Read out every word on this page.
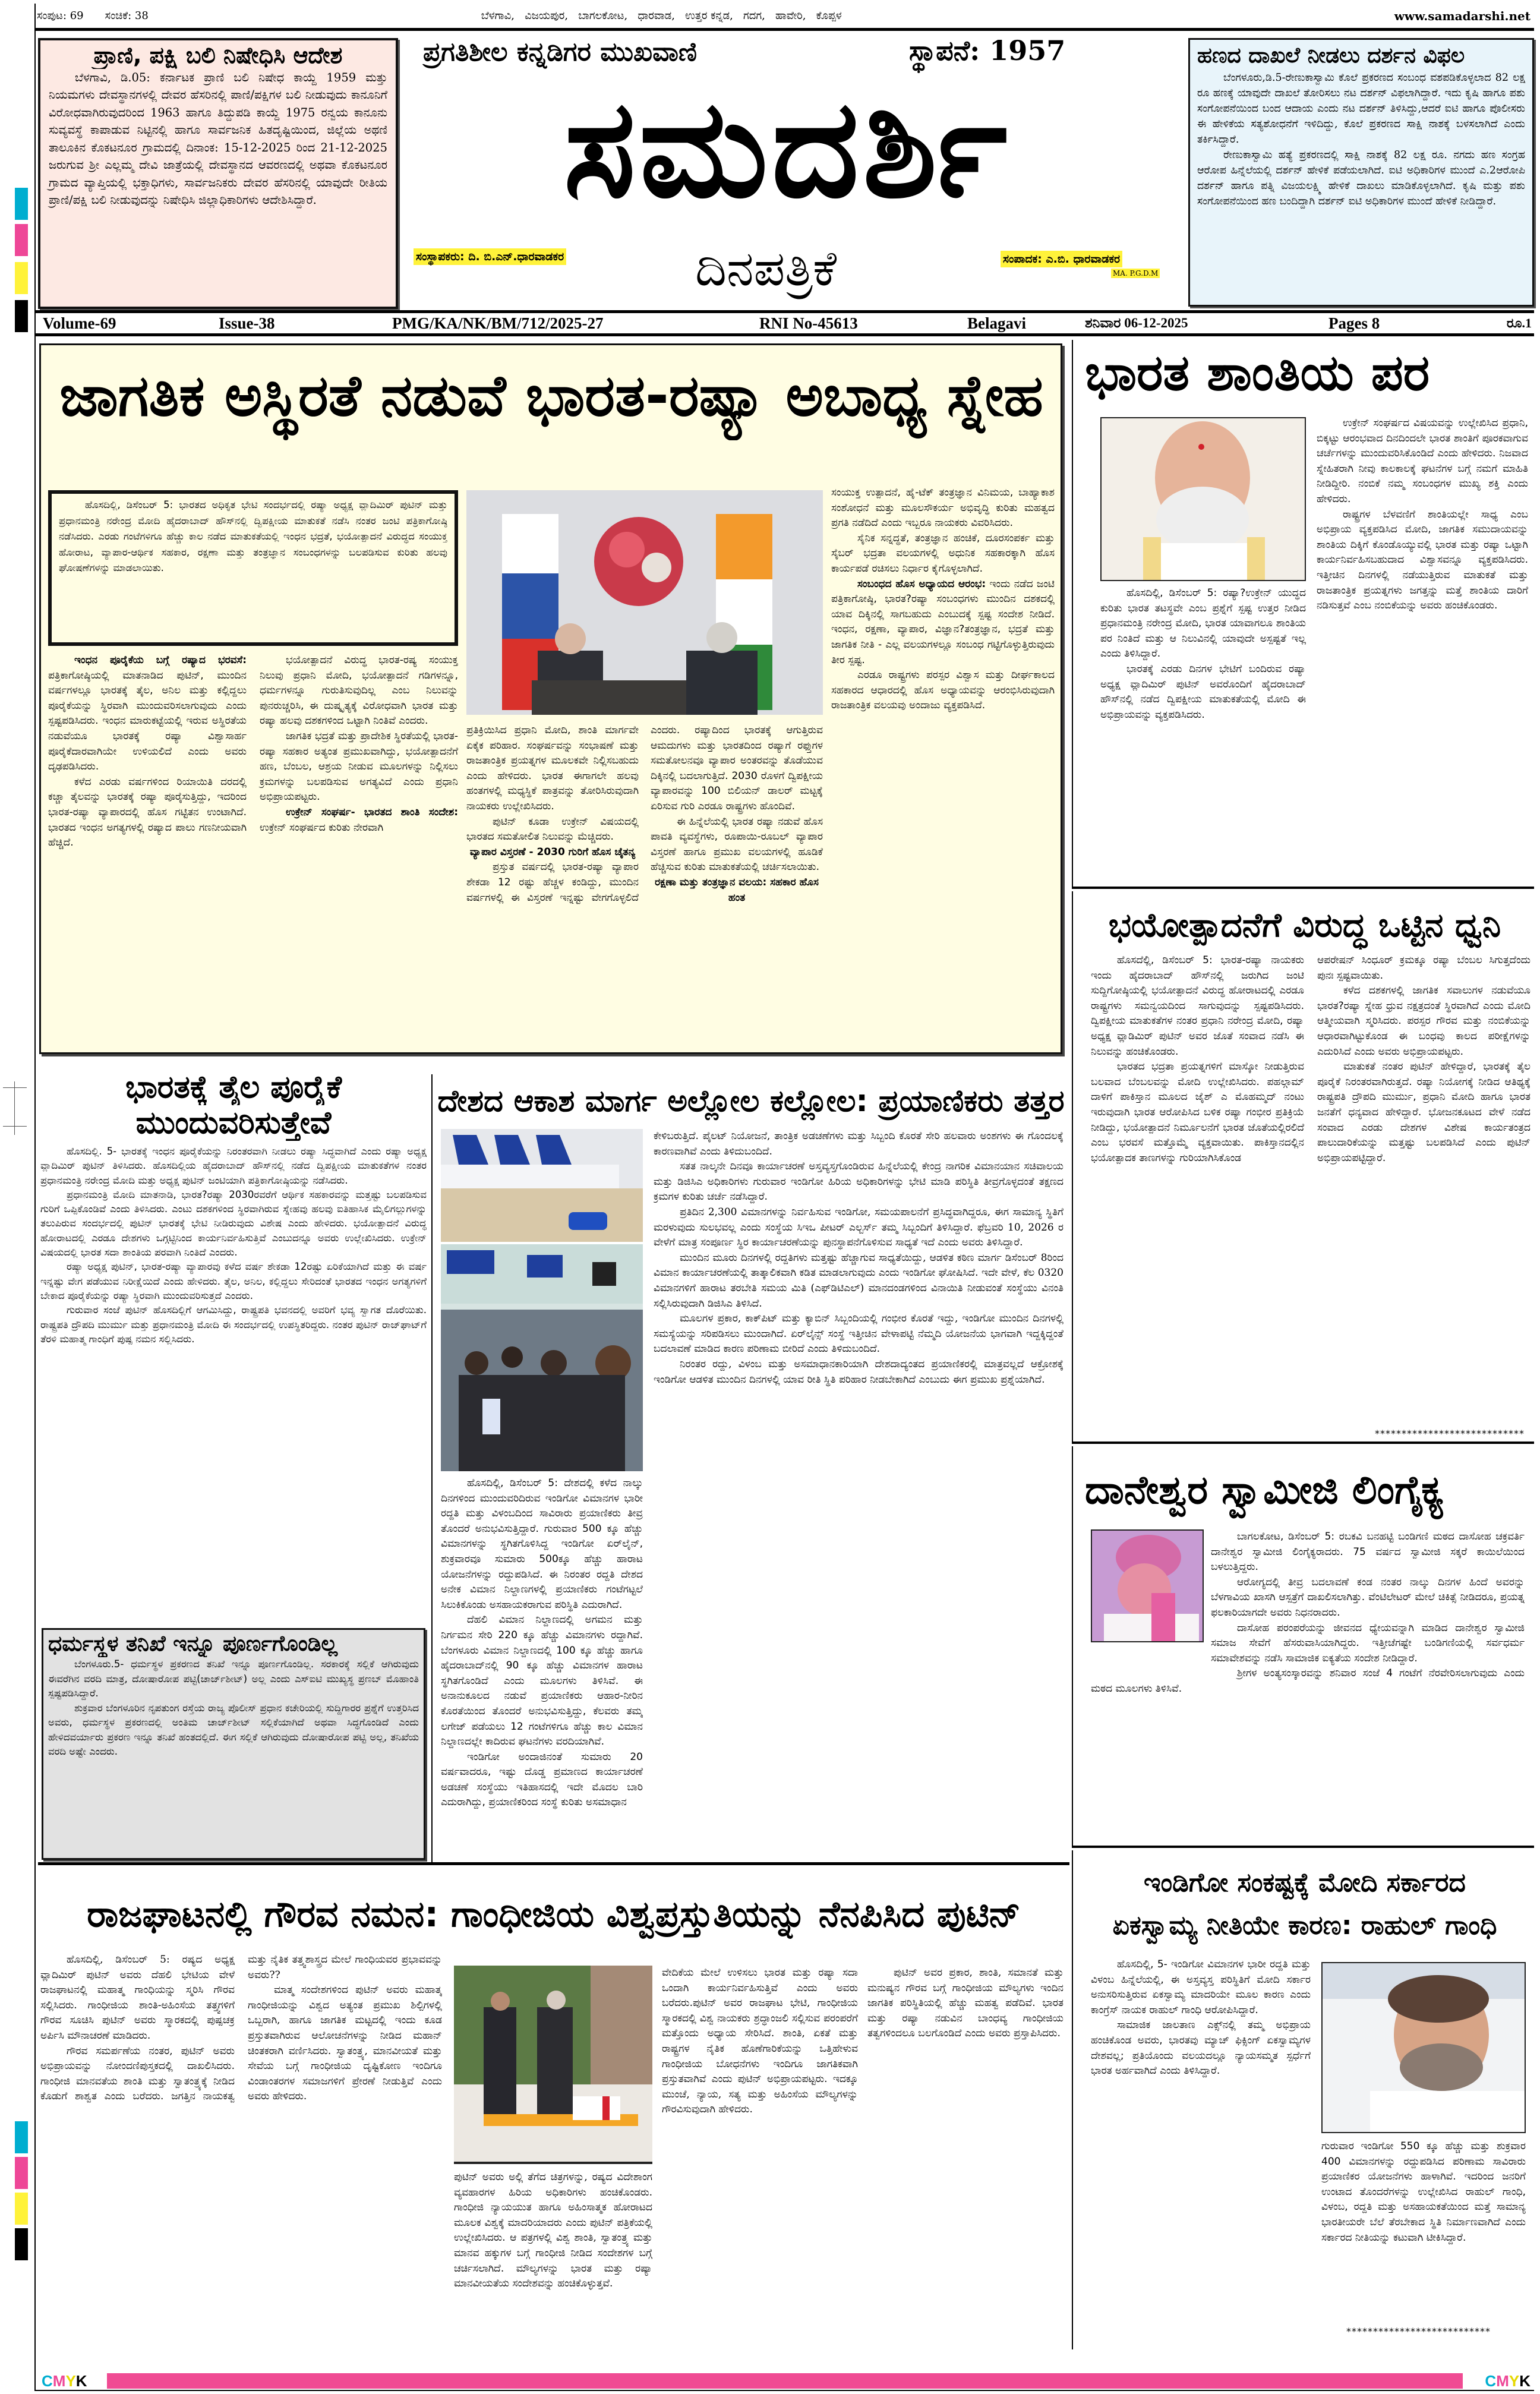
ಸಂಪುಟ: 69 ಸಂಚಿಕೆ: 38	ಬೆಳಗಾವಿ,   ವಿಜಯಪುರ,   ಬಾಗಲಕೋಟ,   ಧಾರವಾಡ,   ಉತ್ತರ ಕನ್ನಡ,   ಗದಗ,   ಹಾವೇರಿ,   ಕೊಪ್ಪಳ	www.samadarshi.net
ಪ್ರಾಣಿ, ಪಕ್ಷಿ ಬಲಿ ನಿಷೇಧಿಸಿ ಆದೇಶ

ಬೆಳಗಾವಿ, ಡಿ.05: ಕರ್ನಾಟಕ ಪ್ರಾಣಿ ಬಲಿ ನಿಷೇಧ ಕಾಯ್ದೆ 1959 ಮತ್ತು ನಿಯಮಗಳು ದೇವಸ್ಥಾನಗಳಲ್ಲಿ ದೇವರ ಹೆಸರಿನಲ್ಲಿ ಪಾಣಿ/ಪಕ್ಷಿಗಳ ಬಲಿ ನೀಡುವುದು ಕಾನೂನಿಗೆ ವಿರೋಧವಾಗಿರುವುದರಿಂದ 1963 ಹಾಗೂ ತಿದ್ದುಪಡಿ ಕಾಯ್ದೆ 1975 ರನ್ವಯ ಕಾನೂನು ಸುವ್ಯವಸ್ಥೆ ಕಾಪಾಡುವ ನಿಟ್ಟಿನಲ್ಲಿ ಹಾಗೂ ಸಾರ್ವಜನಿಕ ಹಿತದೃಷ್ಟಿಯಿಂದ, ಜಿಲ್ಲೆಯ ಅಥಣಿ ತಾಲೂಕಿನ ಕೊಕಟನೂರ ಗ್ರಾಮದಲ್ಲಿ ದಿನಾಂಕ: 15-12-2025 ರಿಂದ 21-12-2025 ಜರುಗುವ ಶ್ರೀ ಎಲ್ಲಮ್ಮ ದೇವಿ ಜಾತ್ರೆಯಲ್ಲಿ ದೇವಸ್ಥಾನದ ಆವರಣದಲ್ಲಿ ಅಥವಾ ಕೊಕಟನೂರ ಗ್ರಾಮದ ವ್ಯಾಪ್ತಿಯಲ್ಲಿ ಭಕ್ತಾಧಿಗಳು, ಸಾರ್ವಜನಿಕರು ದೇವರ ಹೆಸರಿನಲ್ಲಿ ಯಾವುದೇ ರೀತಿಯ ಪ್ರಾಣಿ/ಪಕ್ಷಿ ಬಲಿ ನೀಡುವುದನ್ನು ನಿಷೇಧಿಸಿ ಜಿಲ್ಲಾಧಿಕಾರಿಗಳು ಆದೇಶಿಸಿದ್ದಾರೆ.

ಪ್ರಗತಿಶೀಲ ಕನ್ನಡಿಗರ ಮುಖವಾಣಿ	ಸ್ಥಾಪನೆ: 1957
ಸಮದರ್ಶಿ
ಸಂಸ್ಥಾಪಕರು: ದಿ. ಬಿ.ಎನ್.ಧಾರವಾಡಕರ	ದಿನಪತ್ರಿಕೆ	ಸಂಪಾದಕ: ಎ.ಬಿ. ಧಾರವಾಡಕರ
MA. P.G.D.M
ಹಣದ ದಾಖಲೆ ನೀಡಲು ದರ್ಶನ ವಿಫಲ

ಬೆಂಗಳೂರು,ಡಿ.5-ರೇಣುಕಾಸ್ವಾಮಿ ಕೊಲೆ ಪ್ರಕರಣದ ಸಂಬಂಧ ವಶಪಡಿಕೊಳ್ಳಲಾದ 82 ಲಕ್ಷ ರೂ ಹಣಕ್ಕೆ ಯಾವುದೇ ದಾಖಲೆ ತೋರಿಸಲು ನಟ ದರ್ಶನ್ ವಿಫಲಾಗಿದ್ದಾರೆ. ಇದು ಕೃಷಿ ಹಾಗೂ ಪಶು ಸಂಗೋಪನೆಯಿಂದ ಬಂದ ಆದಾಯ ಎಂದು ನಟ ದರ್ಶನ್ ತಿಳಿಸಿದ್ದು,ಆದರೆ ಐಟಿ ಹಾಗೂ ಪೊಲೀಸರು ಈ ಹೇಳಿಕೆಯ ಸತ್ಯಶೋಧನೆಗೆ ಇಳಿದಿದ್ದು, ಕೊಲೆ ಪ್ರಕರಣದ ಸಾಕ್ಷಿ ನಾಶಕ್ಕೆ ಬಳಸಲಾಗಿದೆ ಎಂದು ತರ್ಕಿಸಿದ್ದಾರೆ.

ರೇಣುಕಾಸ್ವಾಮಿ ಹತ್ಯೆ ಪ್ರಕರಣದಲ್ಲಿ ಸಾಕ್ಷಿ ನಾಶಕ್ಕೆ 82 ಲಕ್ಷ ರೂ. ನಗದು ಹಣ ಸಂಗ್ರಹ ಆರೋಪ ಹಿನ್ನೆಲೆಯಲ್ಲಿ ದರ್ಶನ್ ಹೇಳಿಕೆ ಪಡೆಯಲಾಗಿದೆ. ಐಟಿ ಅಧಿಕಾರಿಗಳ ಮುಂದೆ ಎ.2ಆರೋಪಿ ದರ್ಶನ್ ಹಾಗೂ ಪತ್ನಿ ವಿಜಯಲಕ್ಷ್ಮಿ ಹೇಳಿಕೆ ದಾಖಲು ಮಾಡಿಕೊಳ್ಳಲಾಗಿದೆ. ಕೃಷಿ ಮತ್ತು ಪಶು ಸಂಗೋಪನೆಯಿಂದ ಹಣ ಬಂದಿದ್ದಾಗಿ ದರ್ಶನ್ ಐಟಿ ಅಧಿಕಾರಿಗಳ ಮುಂದೆ ಹೇಳಿಕೆ ನೀಡಿದ್ದಾರೆ.

Volume-69	Issue-38	PMG/KA/NK/BM/712/2025-27	RNI No-45613	Belagavi	ಶನಿವಾರ 06-12-2025	Pages 8	ರೂ.1
ಜಾಗತಿಕ ಅಸ್ಥಿರತೆ ನಡುವೆ ಭಾರತ-ರಷ್ಯಾ ಅಬಾಧ್ಯ ಸ್ನೇಹ

ಹೊಸದಿಲ್ಲಿ, ಡಿಸೆಂಬರ್ 5: ಭಾರತದ ಅಧಿಕೃತ ಭೇಟಿ ಸಂದರ್ಭದಲ್ಲಿ ರಷ್ಯಾ ಅಧ್ಯಕ್ಷ ವ್ಲಾದಿಮಿರ್ ಪುಟಿನ್ ಮತ್ತು ಪ್ರಧಾನಮಂತ್ರಿ ನರೇಂದ್ರ ಮೋದಿ ಹೈದರಾಬಾದ್ ಹೌಸ್‌ನಲ್ಲಿ ದ್ವಿಪಕ್ಷೀಯ ಮಾತುಕತೆ ನಡೆಸಿ ನಂತರ ಜಂಟಿ ಪತ್ರಿಕಾಗೋಷ್ಠಿ ನಡೆಸಿದರು. ಎರಡು ಗಂಟೆಗಳಿಗೂ ಹೆಚ್ಚು ಕಾಲ ನಡೆದ ಮಾತುಕತೆಯಲ್ಲಿ ಇಂಧನ ಭದ್ರತೆ, ಭಯೋತ್ಪಾದನೆ ವಿರುದ್ಧದ ಸಂಯುಕ್ತ ಹೋರಾಟ, ವ್ಯಾಪಾರ-ಆರ್ಥಿಕ ಸಹಕಾರ, ರಕ್ಷಣಾ ಮತ್ತು ತಂತ್ರಜ್ಞಾನ ಸಂಬಂಧಗಳನ್ನು ಬಲಪಡಿಸುವ ಕುರಿತು ಹಲವು ಘೋಷಣೆಗಳನ್ನು ಮಾಡಲಾಯಿತು.

ಇಂಧನ ಪೂರೈಕೆಯ ಬಗ್ಗೆ ರಷ್ಯಾದ ಭರವಸೆ: ಪತ್ರಿಕಾಗೋಷ್ಠಿಯಲ್ಲಿ ಮಾತನಾಡಿದ ಪುಟಿನ್, ಮುಂದಿನ ವರ್ಷಗಳಲ್ಲೂ ಭಾರತಕ್ಕೆ ತೈಲ, ಅನಿಲ ಮತ್ತು ಕಲ್ಲಿದ್ದಲು ಪೂರೈಕೆಯನ್ನು ಸ್ಥಿರವಾಗಿ ಮುಂದುವರಿಸಲಾಗುವುದು ಎಂದು ಸ್ಪಷ್ಟಪಡಿಸಿದರು. ಇಂಧನ ಮಾರುಕಟ್ಟೆಯಲ್ಲಿ ಇರುವ ಅಸ್ಥಿರತೆಯ ನಡುವೆಯೂ ಭಾರತಕ್ಕೆ ರಷ್ಯಾ ವಿಶ್ವಾಸಾರ್ಹ ಪೂರೈಕೆದಾರವಾಗಿಯೇ ಉಳಿಯಲಿದೆ ಎಂದು ಅವರು ದೃಢಪಡಿಸಿದರು.

ಕಳೆದ ಎರಡು ವರ್ಷಗಳಿಂದ ರಿಯಾಯಿತಿ ದರದಲ್ಲಿ ಕಚ್ಚಾ ತೈಲವನ್ನು ಭಾರತಕ್ಕೆ ರಷ್ಯಾ ಪೂರೈಸುತ್ತಿದ್ದು, ಇದರಿಂದ ಭಾರತ-ರಷ್ಯಾ ವ್ಯಾಪಾರದಲ್ಲಿ ಹೊಸ ಗಟ್ಟಿತನ ಉಂಟಾಗಿದೆ. ಭಾರತದ ಇಂಧನ ಅಗತ್ಯಗಳಲ್ಲಿ ರಷ್ಯಾದ ಪಾಲು ಗಣನೀಯವಾಗಿ ಹೆಚ್ಚಿದೆ.

ಭಯೋತ್ಪಾದನೆ ವಿರುದ್ಧ ಭಾರತ-ರಷ್ಯ ಸಂಯುಕ್ತ ನಿಲುವು ಪ್ರಧಾನಿ ಮೋದಿ, ಭಯೋತ್ಪಾದನೆ ಗಡಿಗಳನ್ನೂ, ಧರ್ಮಗಳನ್ನೂ ಗುರುತಿಸುವುದಿಲ್ಲ ಎಂಬ ನಿಲುವನ್ನು ಪುನರುಚ್ಚರಿಸಿ, ಈ ದುಷ್ಕೃತ್ಯಕ್ಕೆ ವಿರೋಧವಾಗಿ ಭಾರತ ಮತ್ತು ರಷ್ಯಾ ಹಲವು ದಶಕಗಳಿಂದ ಒಟ್ಟಾಗಿ ನಿಂತಿವೆ ಎಂದರು.

ಜಾಗತಿಕ ಭದ್ರತೆ ಮತ್ತು ಪ್ರಾದೇಶಿಕ ಸ್ಥಿರತೆಯಲ್ಲಿ ಭಾರತ-ರಷ್ಯಾ ಸಹಕಾರ ಅತ್ಯಂತ ಪ್ರಮುಖವಾಗಿದ್ದು, ಭಯೋತ್ಪಾದನೆಗೆ ಹಣ, ಬೆಂಬಲ, ಆಶ್ರಯ ನೀಡುವ ಮೂಲಗಳನ್ನು ನಿಲ್ಲಿಸಲು ಕ್ರಮಗಳನ್ನು ಬಲಪಡಿಸುವ ಅಗತ್ಯವಿದೆ ಎಂದು ಪ್ರಧಾನಿ ಅಭಿಪ್ರಾಯಪಟ್ಟರು.

ಉಕ್ರೇನ್ ಸಂಘರ್ಷ- ಭಾರತದ ಶಾಂತಿ ಸಂದೇಶ: ಉಕ್ರೇನ್ ಸಂಘರ್ಷದ ಕುರಿತು ನೇರವಾಗಿ

ಪ್ರತಿಕ್ರಿಯಿಸಿದ ಪ್ರಧಾನಿ ಮೋದಿ, ಶಾಂತಿ ಮಾರ್ಗವೇ ಏಕೈಕ ಪರಿಹಾರ. ಸಂಘರ್ಷವನ್ನು ಸಂಭಾಷಣೆ ಮತ್ತು ರಾಜತಾಂತ್ರಿಕ ಪ್ರಯತ್ನಗಳ ಮೂಲಕವೇ ನಿಲ್ಲಿಸಬಹುದು ಎಂದು ಹೇಳಿದರು. ಭಾರತ ಈಗಾಗಲೇ ಹಲವು ಹಂತಗಳಲ್ಲಿ ಮಧ್ಯಸ್ಥಿಕೆ ಪಾತ್ರವನ್ನು ತೋರಿಸಿರುವುದಾಗಿ ನಾಯಕರು ಉಲ್ಲೇಖಿಸಿದರು.

ಪುಟಿನ್ ಕೂಡಾ ಉಕ್ರೇನ್ ವಿಷಯದಲ್ಲಿ ಭಾರತದ ಸಮತೋಲಿತ ನಿಲುವನ್ನು ಮೆಚ್ಚಿದರು.

ವ್ಯಾಪಾರ ವಿಸ್ತರಣೆ - 2030 ಗುರಿಗೆ ಹೊಸ ಚೈತನ್ಯ

ಪ್ರಸ್ತುತ ವರ್ಷದಲ್ಲಿ ಭಾರತ-ರಷ್ಯಾ ವ್ಯಾಪಾರ ಶೇಕಡಾ 12 ರಷ್ಟು ಹೆಚ್ಚಳ ಕಂಡಿದ್ದು, ಮುಂದಿನ ವರ್ಷಗಳಲ್ಲಿ ಈ ವಿಸ್ತರಣೆ ಇನ್ನಷ್ಟು ವೇಗಗೊಳ್ಳಲಿದೆ ಎಂದರು. ರಷ್ಯಾದಿಂದ ಭಾರತಕ್ಕೆ ಆಗುತ್ತಿರುವ ಆಮದುಗಳು ಮತ್ತು ಭಾರತದಿಂದ ರಷ್ಯಾಗೆ ರಫ್ತುಗಳ ಸಮತೋಲನವೂ ವ್ಯಾಪಾರ ಅಂತರವನ್ನು ತೊಡೆಯುವ ದಿಕ್ಕಿನಲ್ಲಿ ಬದಲಾಗುತ್ತಿದೆ. 2030 ರೊಳಗೆ ದ್ವಿಪಕ್ಷೀಯ ವ್ಯಾಪಾರವನ್ನು 100 ಬಿಲಿಯನ್ ಡಾಲರ್ ಮಟ್ಟಕ್ಕೆ ಏರಿಸುವ ಗುರಿ ಎರಡೂ ರಾಷ್ಟ್ರಗಳು ಹೊಂದಿವೆ.

ಈ ಹಿನ್ನೆಲೆಯಲ್ಲಿ ಭಾರತ ರಷ್ಯಾ ನಡುವೆ ಹೊಸ ಪಾವತಿ ವ್ಯವಸ್ಥೆಗಳು, ರೂಪಾಯಿ-ರೂಬಲ್ ವ್ಯಾಪಾರ ವಿಸ್ತರಣೆ ಹಾಗೂ ಪ್ರಮುಖ ವಲಯಗಳಲ್ಲಿ ಹೂಡಿಕೆ ಹೆಚ್ಚಿಸುವ ಕುರಿತು ಮಾತುಕತೆಯಲ್ಲಿ ಚರ್ಚಿಸಲಾಯಿತು.

ರಕ್ಷಣಾ ಮತ್ತು ತಂತ್ರಜ್ಞಾನ ವಲಯ: ಸಹಕಾರ ಹೊಸ ಹಂತ

ಸಂಯುಕ್ತ ಉತ್ಪಾದನೆ, ಹೈ-ಟೆಕ್ ತಂತ್ರಜ್ಞಾನ ವಿನಿಮಯ, ಬಾಹ್ಯಾಕಾಶ ಸಂಶೋಧನೆ ಮತ್ತು ಮೂಲಸೌಕರ್ಯ ಅಭಿವೃದ್ಧಿ ಕುರಿತು ಮಹತ್ವದ ಪ್ರಗತಿ ನಡೆದಿದೆ ಎಂದು ಇಬ್ಬರೂ ನಾಯಕರು ವಿವರಿಸಿದರು.

ಸೈನಿಕ ಸನ್ನದ್ಧತೆ, ತಂತ್ರಜ್ಞಾನ ಹಂಚಿಕೆ, ದೂರಸಂಪರ್ಕ ಮತ್ತು ಸೈಬರ್ ಭದ್ರತಾ ವಲಯಗಳಲ್ಲಿ ಅಧುನಿಕ ಸಹಕಾರಕ್ಕಾಗಿ ಹೊಸ ಕಾರ್ಯಪಡೆ ರಚಿಸಲು ನಿರ್ಧಾರ ಕೈಗೊಳ್ಳಲಾಗಿದೆ.

ಸಂಬಂಧದ ಹೊಸ ಅಧ್ಯಾಯದ ಆರಂಭ: ಇಂದು ನಡೆದ ಜಂಟಿ ಪತ್ರಿಕಾಗೋಷ್ಠಿ, ಭಾರತ?ರಷ್ಯಾ ಸಂಬಂಧಗಳು ಮುಂದಿನ ದಶಕದಲ್ಲಿ ಯಾವ ದಿಕ್ಕಿನಲ್ಲಿ ಸಾಗಬಹುದು ಎಂಬುದಕ್ಕೆ ಸ್ಪಷ್ಟ ಸಂದೇಶ ನೀಡಿದೆ. ಇಂಧನ, ರಕ್ಷಣಾ, ವ್ಯಾಪಾರ, ವಿಜ್ಞಾನ?ತಂತ್ರಜ್ಞಾನ, ಭದ್ರತೆ ಮತ್ತು ಜಾಗತಿಕ ನೀತಿ - ಎಲ್ಲ ವಲಯಗಳಲ್ಲೂ ಸಂಬಂಧ ಗಟ್ಟಿಗೊಳ್ಳುತ್ತಿರುವುದು ತೀರ ಸ್ಪಷ್ಟ.

ಎರಡೂ ರಾಷ್ಟ್ರಗಳು ಪರಸ್ಪರ ವಿಶ್ವಾಸ ಮತ್ತು ದೀರ್ಘಕಾಲದ ಸಹಕಾರದ ಆಧಾರದಲ್ಲಿ ಹೊಸ ಅಧ್ಯಾಯವನ್ನು ಆರಂಭಿಸಿರುವುದಾಗಿ ರಾಜತಾಂತ್ರಿಕ ವಲಯವು ಅಂದಾಜು ವ್ಯಕ್ತಪಡಿಸಿದೆ.

ಭಾರತ ಶಾಂತಿಯ ಪರ

ಹೊಸದಿಲ್ಲಿ, ಡಿಸೆಂಬರ್ 5: ರಷ್ಯಾ?ಉಕ್ರೇನ್ ಯುದ್ಧದ ಕುರಿತು ಭಾರತ ತಟಸ್ಥವೇ ಎಂಬ ಪ್ರಶ್ನೆಗೆ ಸ್ಪಷ್ಟ ಉತ್ತರ ನೀಡಿದ ಪ್ರಧಾನಮಂತ್ರಿ ನರೇಂದ್ರ ಮೋದಿ, ಭಾರತ ಯಾವಾಗಲೂ ಶಾಂತಿಯ ಪರ ನಿಂತಿದೆ ಮತ್ತು ಆ ನಿಲುವಿನಲ್ಲಿ ಯಾವುದೇ ಅಸ್ಪಷ್ಟತೆ ಇಲ್ಲ ಎಂದು ತಿಳಿಸಿದ್ದಾರೆ.

ಭಾರತಕ್ಕೆ ಎರಡು ದಿನಗಳ ಭೇಟಿಗೆ ಬಂದಿರುವ ರಷ್ಯಾ ಅಧ್ಯಕ್ಷ ವ್ಲಾದಿಮಿರ್ ಪುಟಿನ್ ಅವರೊಂದಿಗೆ ಹೈದರಾಬಾದ್ ಹೌಸ್‌ನಲ್ಲಿ ನಡೆದ ದ್ವಿಪಕ್ಷೀಯ ಮಾತುಕತೆಯಲ್ಲಿ ಮೋದಿ ಈ ಅಭಿಪ್ರಾಯವನ್ನು ವ್ಯಕ್ತಪಡಿಸಿದರು.

ಉಕ್ರೇನ್ ಸಂಘರ್ಷದ ವಿಷಯವನ್ನು ಉಲ್ಲೇಖಿಸಿದ ಪ್ರಧಾನಿ, ಬಿಕ್ಕಟ್ಟು ಆರಂಭವಾದ ದಿನದಿಂದಲೇ ಭಾರತ ಶಾಂತಿಗೆ ಪೂರಕವಾಗುವ ಚರ್ಚೆಗಳನ್ನು ಮುಂದುವರಿಸಿಕೊಂಡಿದೆ ಎಂದು ಹೇಳಿದರು. ನಿಜವಾದ ಸ್ನೇಹಿತರಾಗಿ ನೀವು ಕಾಲಕಾಲಕ್ಕೆ ಘಟನೆಗಳ ಬಗ್ಗೆ ನಮಗೆ ಮಾಹಿತಿ ನೀಡಿದ್ದೀರಿ. ನಂಬಿಕೆ ನಮ್ಮ ಸಂಬಂಧಗಳ ಮುಖ್ಯ ಶಕ್ತಿ ಎಂದು ಹೇಳಿದರು.

ರಾಷ್ಟ್ರಗಳ ಬೆಳವಣಿಗೆ ಶಾಂತಿಯಲ್ಲೇ ಸಾಧ್ಯ ಎಂಬ ಅಭಿಪ್ರಾಯ ವ್ಯಕ್ತಪಡಿಸಿದ ಮೋದಿ, ಜಾಗತಿಕ ಸಮುದಾಯವನ್ನು ಶಾಂತಿಯ ದಿಕ್ಕಿಗೆ ಕೊಂಡೊಯ್ಯುವಲ್ಲಿ ಭಾರತ ಮತ್ತು ರಷ್ಯಾ ಒಟ್ಟಾಗಿ ಕಾರ್ಯನಿರ್ವಹಿಸಬಹುದಾದ ವಿಶ್ವಾಸವನ್ನೂ ವ್ಯಕ್ತಪಡಿಸಿದರು. ಇತ್ತೀಚಿನ ದಿನಗಳಲ್ಲಿ ನಡೆಯುತ್ತಿರುವ ಮಾತುಕತೆ ಮತ್ತು ರಾಜತಾಂತ್ರಿಕ ಪ್ರಯತ್ನಗಳು ಜಗತ್ತನ್ನು ಮತ್ತೆ ಶಾಂತಿಯ ದಾರಿಗೆ ನಡಿಸುತ್ತವೆ ಎಂಬ ನಂಬಿಕೆಯನ್ನು ಅವರು ಹಂಚಿಕೊಂಡರು.

ಭಯೋತ್ಪಾದನೆಗೆ ವಿರುದ್ಧ ಒಟ್ಟಿನ ಧ್ವನಿ

ಹೊಸದೆಲ್ಲಿ, ಡಿಸೆಂಬರ್ 5: ಭಾರತ-ರಷ್ಯಾ ನಾಯಕರು ಇಂದು ಹೈದರಾಬಾದ್ ಹೌಸ್‌ನಲ್ಲಿ ಜರುಗಿದ ಜಂಟಿ ಸುದ್ದಿಗೋಷ್ಠಿಯಲ್ಲಿ ಭಯೋತ್ಪಾದನೆ ವಿರುದ್ಧ ಹೋರಾಟದಲ್ಲಿ ಎರಡೂ ರಾಷ್ಟ್ರಗಳು ಸಮನ್ವಯದಿಂದ ಸಾಗುವುದನ್ನು ಸ್ಪಷ್ಟಪಡಿಸಿದರು. ದ್ವಿಪಕ್ಷೀಯ ಮಾತುಕತೆಗಳ ನಂತರ ಪ್ರಧಾನಿ ನರೇಂದ್ರ ಮೋದಿ, ರಷ್ಯಾ ಅಧ್ಯಕ್ಷ ವ್ಲಾಡಿಮಿರ್ ಪುಟಿನ್ ಅವರ ಜೊತೆ ಸಂವಾದ ನಡೆಸಿ ಈ ನಿಲುವನ್ನು ಹಂಚಿಕೊಂಡರು.

ಭಾರತದ ಭದ್ರತಾ ಪ್ರಯತ್ನಗಳಿಗೆ ಮಾಸ್ಕೋ ನೀಡುತ್ತಿರುವ ಬಲವಾದ ಬೆಂಬಲವನ್ನು ಮೋದಿ ಉಲ್ಲೇಖಿಸಿದರು. ಪಹಲ್ಗಾಮ್ ದಾಳಿಗೆ ಪಾಕಿಸ್ತಾನ ಮೂಲದ ಜೈಶ್ ಎ ಮೊಹಮ್ಮದ್ ನಂಟು ಇರುವುದಾಗಿ ಭಾರತ ಆರೋಪಿಸಿದ ಬಳಿಕ ರಷ್ಯಾ ಗಂಭೀರ ಪ್ರತಿಕ್ರಿಯೆ ನೀಡಿದ್ದು, ಭಯೋತ್ಪಾದನೆ ನಿರ್ಮೂಲನೆಗೆ ಭಾರತ ಜೊತೆಯಲ್ಲಿರಲಿದೆ ಎಂಬ ಭರವಸೆ ಮತ್ತೊಮ್ಮೆ ವ್ಯಕ್ತವಾಯಿತು. ಪಾಕಿಸ್ತಾನದಲ್ಲಿನ ಭಯೋತ್ಪಾದಕ ತಾಣಗಳನ್ನು ಗುರಿಯಾಗಿಸಿಕೊಂಡ

ಆಪರೇಷನ್ ಸಿಂಧೂರ್ ಕ್ರಮಕ್ಕೂ ರಷ್ಯಾ ಬೆಂಬಲ ಸಿಗುತ್ತದೆಂದು ಪುನಃ ಸ್ಪಷ್ಟವಾಯಿತು.

ಕಳೆದ ದಶಕಗಳಲ್ಲಿ ಜಾಗತಿಕ ಸವಾಲುಗಳ ನಡುವೆಯೂ ಭಾರತ?ರಷ್ಯಾ ಸ್ನೇಹ ಧ್ರುವ ನಕ್ಷತ್ರದಂತೆ ಸ್ಥಿರವಾಗಿದೆ ಎಂದು ಮೋದಿ ಆತ್ಮೀಯವಾಗಿ ಸ್ಮರಿಸಿದರು. ಪರಸ್ಪರ ಗೌರವ ಮತ್ತು ನಂಬಿಕೆಯನ್ನು ಆಧಾರವಾಗಿಟ್ಟುಕೊಂಡ ಈ ಬಂಧವು ಕಾಲದ ಪರೀಕ್ಷೆಗಳನ್ನು ಎದುರಿಸಿದೆ ಎಂದು ಅವರು ಅಭಿಪ್ರಾಯಪಟ್ಟರು.

ಮಾತುಕತೆ ನಂತರ ಪುಟಿನ್ ಹೇಳಿದ್ದಾರೆ, ಭಾರತಕ್ಕೆ ತೈಲ ಪೂರೈಕೆ ನಿರಂತರವಾಗಿರುತ್ತದೆ. ರಷ್ಯಾ ನಿಯೋಗಕ್ಕೆ ನೀಡಿದ ಆತಿಥ್ಯಕ್ಕೆ ರಾಷ್ಟ್ರಪತಿ ದ್ರೌಪದಿ ಮುರ್ಮು, ಪ್ರಧಾನಿ ಮೋದಿ ಹಾಗೂ ಭಾರತ ಜನತೆಗೆ ಧನ್ಯವಾದ ಹೇಳಿದ್ದಾರೆ. ಭೋಜನಕೂಟದ ವೇಳೆ ನಡೆದ ಸಂವಾದ ಎರಡು ದೇಶಗಳ ವಿಶೇಷ ಕಾರ್ಯತಂತ್ರದ ಪಾಲುದಾರಿಕೆಯನ್ನು ಮತ್ತಷ್ಟು ಬಲಪಡಿಸಿದೆ ಎಂದು ಪುಟಿನ್ ಅಭಿಪ್ರಾಯಪಟ್ಟಿದ್ದಾರೆ.

****************************
ದಾನೇಶ್ವರ ಸ್ವಾಮೀಜಿ ಲಿಂಗೈಕ್ಯ

ಬಾಗಲಕೋಟ, ಡಿಸೆಂಬರ್ 5: ರಬಕವಿ ಬನಹಟ್ಟಿ ಬಂಡಿಗಣಿ ಮಠದ ದಾಸೋಹ ಚಕ್ರವರ್ತಿ ದಾನೇಶ್ವರ ಸ್ವಾಮೀಜಿ ಲಿಂಗೈಕ್ಯರಾದರು. 75 ವರ್ಷದ ಸ್ವಾಮೀಜಿ ಸಕ್ಕರೆ ಕಾಯಿಲೆಯಿಂದ ಬಳಲುತ್ತಿದ್ದರು.

ಆರೋಗ್ಯದಲ್ಲಿ ತೀವ್ರ ಬದಲಾವಣೆ ಕಂಡ ನಂತರ ನಾಲ್ಕು ದಿನಗಳ ಹಿಂದೆ ಅವರನ್ನು ಬೆಳಗಾವಿಯ ಖಾಸಗಿ ಆಸ್ಪತ್ರೆಗೆ ದಾಖಲಿಸಲಾಗಿತ್ತು. ವೆಂಟಿಲೇಟರ್ ಮೇಲೆ ಚಿಕಿತ್ಸೆ ನೀಡಿದರೂ, ಪ್ರಯತ್ನ ಫಲಕಾರಿಯಾಗದೇ ಅವರು ನಿಧನರಾದರು.

ದಾಸೋಹ ಪರಂಪರೆಯನ್ನು ಜೀವನದ ಧ್ಯೇಯವನ್ನಾಗಿ ಮಾಡಿದ ದಾನೇಶ್ವರ ಸ್ವಾಮೀಜಿ ಸಮಾಜ ಸೇವೆಗೆ ಹೆಸರುವಾಸಿಯಾಗಿದ್ದರು. ಇತ್ತೀಚೆಗಷ್ಟೇ ಬಂಡಿಗಣಿಯಲ್ಲಿ ಸರ್ವಧರ್ಮ ಸಮಾವೇಶವನ್ನು ನಡೆಸಿ ಸಾಮಾಜಿಕ ಐಕ್ಯತೆಯ ಸಂದೇಶ ನೀಡಿದ್ದಾರೆ.

ಶ್ರೀಗಳ ಅಂತ್ಯಸಂಸ್ಕಾರವನ್ನು ಶನಿವಾರ ಸಂಜೆ 4 ಗಂಟೆಗೆ ನೆರವೇರಿಸಲಾಗುವುದು ಎಂದು ಮಠದ ಮೂಲಗಳು ತಿಳಿಸಿವೆ.

ಭಾರತಕ್ಕೆ ತೈಲ ಪೂರೈಕೆ
ಮುಂದುವರಿಸುತ್ತೇವೆ

ಹೊಸದಿಲ್ಲಿ. 5- ಭಾರತಕ್ಕೆ ಇಂಧನ ಪೂರೈಕೆಯನ್ನು ನಿರಂತರವಾಗಿ ನೀಡಲು ರಷ್ಯಾ ಸಿದ್ಧವಾಗಿದೆ ಎಂದು ರಷ್ಯಾ ಅಧ್ಯಕ್ಷ ವ್ಲಾದಿಮಿರ್ ಪುಟಿನ್ ತಿಳಿಸಿದರು. ಹೊಸದಿಲ್ಲಿಯ ಹೈದರಾಬಾದ್ ಹೌಸ್‌ನಲ್ಲಿ ನಡೆದ ದ್ವಿಪಕ್ಷೀಯ ಮಾತುಕತೆಗಳ ನಂತರ ಪ್ರಧಾನಮಂತ್ರಿ ನರೇಂದ್ರ ಮೋದಿ ಮತ್ತು ಅಧ್ಯಕ್ಷ ಪುಟಿನ್ ಜಂಟಿಯಾಗಿ ಪತ್ರಿಕಾಗೋಷ್ಠಿಯನ್ನು ನಡೆಸಿದರು.

ಪ್ರಧಾನಮಂತ್ರಿ ಮೋದಿ ಮಾತನಾಡಿ, ಭಾರತ?ರಷ್ಯಾ 2030ರವರೆಗೆ ಆರ್ಥಿಕ ಸಹಕಾರವನ್ನು ಮತ್ತಷ್ಟು ಬಲಪಡಿಸುವ ಗುರಿಗೆ ಒಪ್ಪಿಕೊಂಡಿವೆ ಎಂದು ತಿಳಿಸಿದರು. ಎಂಟು ದಶಕಗಳಿಂದ ಸ್ಥಿರವಾಗಿರುವ ಸ್ನೇಹವು ಹಲವು ಐತಿಹಾಸಿಕ ಮೈಲಿಗಲ್ಲುಗಳನ್ನು ತಲುಪಿರುವ ಸಂದರ್ಭದಲ್ಲಿ ಪುಟಿನ್ ಭಾರತಕ್ಕೆ ಭೇಟಿ ನೀಡಿರುವುದು ವಿಶೇಷ ಎಂದು ಹೇಳಿದರು. ಭಯೋತ್ಪಾದನೆ ವಿರುದ್ಧ ಹೋರಾಟದಲ್ಲಿ ಎರಡೂ ದೇಶಗಳು ಒಗ್ಗಟ್ಟಿನಿಂದ ಕಾರ್ಯನಿರ್ವಹಿಸುತ್ತಿವೆ ಎಂಬುದನ್ನೂ ಅವರು ಉಲ್ಲೇಖಿಸಿದರು. ಉಕ್ರೇನ್ ವಿಷಯದಲ್ಲಿ ಭಾರತ ಸದಾ ಶಾಂತಿಯ ಪರವಾಗಿ ನಿಂತಿದೆ ಎಂದರು.

ರಷ್ಯಾ ಅಧ್ಯಕ್ಷ ಪುಟಿನ್, ಭಾರತ-ರಷ್ಯಾ ವ್ಯಾಪಾರವು ಕಳೆದ ವರ್ಷ ಶೇಕಡಾ 12ರಷ್ಟು ಏರಿಕೆಯಾಗಿದೆ ಮತ್ತು ಈ ವರ್ಷ ಇನ್ನಷ್ಟು ವೇಗ ಪಡೆಯುವ ನಿರೀಕ್ಷೆಯಿದೆ ಎಂದು ಹೇಳಿದರು. ತೈಲ, ಅನಿಲ, ಕಲ್ಲಿದ್ದಲು ಸೇರಿದಂತೆ ಭಾರತದ ಇಂಧನ ಅಗತ್ಯಗಳಿಗೆ ಬೇಕಾದ ಪೂರೈಕೆಯನ್ನು ರಷ್ಯಾ ಸ್ಥಿರವಾಗಿ ಮುಂದುವರಿಸುತ್ತದೆ ಎಂದರು.

ಗುರುವಾರ ಸಂಜೆ ಪುಟಿನ್ ಹೊಸದಿಲ್ಲಿಗೆ ಆಗಮಿಸಿದ್ದು, ರಾಷ್ಟ್ರಪತಿ ಭವನದಲ್ಲಿ ಅವರಿಗೆ ಭವ್ಯ ಸ್ವಾಗತ ದೊರೆಯಿತು. ರಾಷ್ಟ್ರಪತಿ ದ್ರೌಪದಿ ಮುರ್ಮು ಮತ್ತು ಪ್ರಧಾನಮಂತ್ರಿ ಮೋದಿ ಈ ಸಂದರ್ಭದಲ್ಲಿ ಉಪಸ್ಥಿತರಿದ್ದರು. ನಂತರ ಪುಟಿನ್ ರಾಜ್‌ಘಾಟ್‌ಗೆ ತೆರಳಿ ಮಹಾತ್ಮ ಗಾಂಧಿಗೆ ಪುಷ್ಪ ನಮನ ಸಲ್ಲಿಸಿದರು.

ಧರ್ಮಸ್ಥಳ ತನಿಖೆ ಇನ್ನೂ ಪೂರ್ಣಗೊಂಡಿಲ್ಲ

ಬೆಂಗಳೂರು.5- ಧರ್ಮಸ್ಥಳ ಪ್ರಕರಣದ ತನಿಖೆ ಇನ್ನೂ ಪೂರ್ಣಗೊಂಡಿಲ್ಲ. ಸರಕಾರಕ್ಕೆ ಸಲ್ಲಿಕೆ ಆಗಿರುವುದು ಈವರೆಗಿನ ವರದಿ ಮಾತ್ರ, ದೋಷಾರೋಪ ಪಟ್ಟಿ(ಚಾರ್ಜ್‌ಶೀಟ್) ಅಲ್ಲ ಎಂದು ಎಸ್‌ಐಟಿ ಮುಖ್ಯಸ್ಥ ಪ್ರಣಬ್ ಮೊಹಾಂತಿ ಸ್ಪಷ್ಟಪಡಿಸಿದ್ದಾರೆ.

ಶುಕ್ರವಾರ ಬೆಂಗಳೂರಿನ ನೃಪತುಂಗ ರಸ್ತೆಯ ರಾಜ್ಯ ಪೊಲೀಸ್ ಪ್ರಧಾನ ಕಚೇರಿಯಲ್ಲಿ ಸುದ್ದಿಗಾರರ ಪ್ರಶ್ನೆಗೆ ಉತ್ತರಿಸಿದ ಅವರು, ಧರ್ಮಸ್ಥಳ ಪ್ರಕರಣದಲ್ಲಿ ಅಂತಿಮ ಚಾರ್ಜ್‌ಶೀಟ್ ಸಲ್ಲಿಕೆಯಾಗಿದೆ ಅಥವಾ ಸಿದ್ಧಗೊಂಡಿದೆ ಎಂದು ಹೇಳಿದವರ್ಯಾರು ಪ್ರಕರಣ ಇನ್ನೂ ತನಿಖೆ ಹಂತದಲ್ಲಿದೆ. ಈಗ ಸಲ್ಲಿಕೆ ಆಗಿರುವುದು ದೋಷಾರೋಪ ಪಟ್ಟಿ ಅಲ್ಲ, ತನಿಖೆಯ ವರದಿ ಅಷ್ಟೇ ಎಂದರು.

ದೇಶದ ಆಕಾಶ ಮಾರ್ಗ ಅಲ್ಲೋಲ ಕಲ್ಲೋಲ: ಪ್ರಯಾಣಿಕರು ತತ್ತರ

ಹೊಸದಿಲ್ಲಿ, ಡಿಸೆಂಬರ್ 5: ದೇಶದಲ್ಲಿ ಕಳೆದ ನಾಲ್ಕು ದಿನಗಳಿಂದ ಮುಂದುವರಿದಿರುವ ಇಂಡಿಗೋ ವಿಮಾನಗಳ ಭಾರೀ ರದ್ದತಿ ಮತ್ತು ವಿಳಂಬದಿಂದ ಸಾವಿರಾರು ಪ್ರಯಾಣಿಕರು ತೀವ್ರ ತೊಂದರೆ ಅನುಭವಿಸುತ್ತಿದ್ದಾರೆ. ಗುರುವಾರ 500 ಕ್ಕೂ ಹೆಚ್ಚು ವಿಮಾನಗಳನ್ನು ಸ್ಥಗಿತಗೊಳಿಸಿದ್ದ ಇಂಡಿಗೋ ಏರ್‌ಲೈನ್, ಶುಕ್ರವಾರವೂ ಸುಮಾರು 500ಕ್ಕೂ ಹೆಚ್ಚು ಹಾರಾಟ ಯೋಜನೆಗಳನ್ನು ರದ್ದುಪಡಿಸಿದೆ. ಈ ನಿರಂತರ ರದ್ದತಿ ದೇಶದ ಅನೇಕ ವಿಮಾನ ನಿಲ್ದಾಣಗಳಲ್ಲಿ ಪ್ರಯಾಣಿಕರು ಗಂಟೆಗಟ್ಟಲೆ ಸಿಲುಕಿಕೊಂಡು ಅಸಹಾಯಕರಾಗುವ ಪರಿಸ್ಥಿತಿ ಎದುರಾಗಿದೆ.

ದೆಹಲಿ ವಿಮಾನ ನಿಲ್ದಾಣದಲ್ಲಿ ಅಗಮನ ಮತ್ತು ನಿರ್ಗಮನ ಸೇರಿ 220 ಕ್ಕೂ ಹೆಚ್ಚು ವಿಮಾನಗಳು ರದ್ದಾಗಿವೆ. ಬೆಂಗಳೂರು ವಿಮಾನ ನಿಲ್ದಾಣದಲ್ಲಿ 100 ಕ್ಕೂ ಹೆಚ್ಚು ಹಾಗೂ ಹೈದರಾಬಾದ್‌ನಲ್ಲಿ 90 ಕ್ಕೂ ಹೆಚ್ಚು ವಿಮಾನಗಳ ಹಾರಾಟ ಸ್ಥಗಿತಗೊಂಡಿದೆ ಎಂದು ಮೂಲಗಳು ತಿಳಿಸಿವೆ. ಈ ಅನಾನುಕೂಲದ ನಡುವೆ ಪ್ರಯಾಣಿಕರು ಆಹಾರ-ನೀರಿನ ಕೊರತೆಯಿಂದ ತೊಂದರೆ ಅನುಭವಿಸುತ್ತಿದ್ದು, ಕೆಲವರು ತಮ್ಮ ಲಗೇಜ್ ಪಡೆಯಲು 12 ಗಂಟೆಗಳಿಗೂ ಹೆಚ್ಚು ಕಾಲ ವಿಮಾನ ನಿಲ್ದಾಣದಲ್ಲೇ ಕಾದಿರುವ ಘಟನೆಗಳು ವರದಿಯಾಗಿವೆ.

ಇಂಡಿಗೋ ಅಂದಾಜಿನಂತೆ ಸುಮಾರು 20 ವರ್ಷವಾದರೂ, ಇಷ್ಟು ದೊಡ್ಡ ಪ್ರಮಾಣದ ಕಾರ್ಯಾಚರಣೆ ಅಡಚಣೆ ಸಂಸ್ಥೆಯು ಇತಿಹಾಸದಲ್ಲಿ ಇದೇ ಮೊದಲ ಬಾರಿ ಎದುರಾಗಿದ್ದು, ಪ್ರಯಾಣಿಕರಿಂದ ಸಂಸ್ಥೆ ಕುರಿತು ಅಸಮಾಧಾನ

ಕೇಳಿಬರುತ್ತಿದೆ. ಪೈಲಟ್ ನಿಯೋಜನೆ, ತಾಂತ್ರಿಕ ಅಡಚಣೆಗಳು ಮತ್ತು ಸಿಬ್ಬಂದಿ ಕೊರತೆ ಸೇರಿ ಹಲವಾರು ಅಂಶಗಳು ಈ ಗೊಂದಲಕ್ಕೆ ಕಾರಣವಾಗಿವೆ ಎಂದು ತಿಳಿದುಬಂದಿದೆ.

ಸತತ ನಾಲ್ಕನೇ ದಿನವೂ ಕಾರ್ಯಾಚರಣೆ ಅಸ್ತವ್ಯಸ್ತಗೊಂಡಿರುವ ಹಿನ್ನೆಲೆಯಲ್ಲಿ ಕೇಂದ್ರ ನಾಗರಿಕ ವಿಮಾನಯಾನ ಸಚಿವಾಲಯ ಮತ್ತು ಡಿಜಿಸಿಎ ಅಧಿಕಾರಿಗಳು ಗುರುವಾರ ಇಂಡಿಗೋ ಹಿರಿಯ ಅಧಿಕಾರಿಗಳನ್ನು ಭೇಟಿ ಮಾಡಿ ಪರಿಸ್ಥಿತಿ ತೀವ್ರಗೊಳ್ಳದಂತೆ ತಕ್ಷಣದ ಕ್ರಮಗಳ ಕುರಿತು ಚರ್ಚೆ ನಡೆಸಿದ್ದಾರೆ.

ಪ್ರತಿದಿನ 2,300 ವಿಮಾನಗಳನ್ನು ನಿರ್ವಹಿಸುವ ಇಂಡಿಗೋ, ಸಮಯಪಾಲನೆಗೆ ಪ್ರಸಿದ್ಧವಾಗಿದ್ದರೂ, ಈಗ ಸಾಮಾನ್ಯ ಸ್ಥಿತಿಗೆ ಮರಳುವುದು ಸುಲಭವಲ್ಲ ಎಂದು ಸಂಸ್ಥೆಯ ಸಿಇಒ ಪೀಟರ್ ಎಲ್ಬರ್ಸ್ ತಮ್ಮ ಸಿಬ್ಬಂದಿಗೆ ತಿಳಿಸಿದ್ದಾರೆ. ಫೆಬ್ರವರಿ 10, 2026 ರ ವೇಳೆಗೆ ಮಾತ್ರ ಸಂಪೂರ್ಣ ಸ್ಥಿರ ಕಾರ್ಯಾಚರಣೆಯನ್ನು ಪುನಸ್ಥಾಪನೆಗೊಳಿಸುವ ಸಾಧ್ಯತೆ ಇದೆ ಎಂದು ಅವರು ತಿಳಿಸಿದ್ದಾರೆ.

ಮುಂದಿನ ಮೂರು ದಿನಗಳಲ್ಲಿ ರದ್ದತಿಗಳು ಮತ್ತಷ್ಟು ಹೆಚ್ಚಾಗುವ ಸಾಧ್ಯತೆಯಿದ್ದು, ಆಡಳಿತ ಕಠಿಣ ಮಾರ್ಗ ಡಿಸೆಂಬರ್ 8ರಿಂದ ವಿಮಾನ ಕಾರ್ಯಾಚರಣೆಯಲ್ಲಿ ತಾತ್ಕಾಲಿಕವಾಗಿ ಕಡಿತ ಮಾಡಲಾಗುವುದು ಎಂದು ಇಂಡಿಗೋ ಘೋಷಿಸಿದೆ. ಇದೇ ವೇಳೆ, ಕೆಲ 0320 ವಿಮಾನಗಳಿಗೆ ಹಾರಾಟ ತರಬೇತಿ ಸಮಯ ಮಿತಿ (ಎಫ್‌ಡಿಟಿಎಲ್) ಮಾನದಂಡಗಳಿಂದ ವಿನಾಯಿತಿ ನೀಡುವಂತೆ ಸಂಸ್ಥೆಯು ವಿನಂತಿ ಸಲ್ಲಿಸಿರುವುದಾಗಿ ಡಿಜಿಸಿಎ ತಿಳಿಸಿದೆ.

ಮೂಲಗಳ ಪ್ರಕಾರ, ಕಾಕ್‌ಪಿಟ್ ಮತ್ತು ಕ್ಯಾಬಿನ್ ಸಿಬ್ಬಂದಿಯಲ್ಲಿ ಗಂಭೀರ ಕೊರತೆ ಇದ್ದು, ಇಂಡಿಗೋ ಮುಂದಿನ ದಿನಗಳಲ್ಲಿ ಸಮಸ್ಯೆಯನ್ನು ಸರಿಪಡಿಸಲು ಮುಂದಾಗಿದೆ. ಏರ್‌ಲೈನ್ಸ್ ಸಂಸ್ಥೆ ಇತ್ತೀಚಿನ ವೇಳಾಪಟ್ಟಿ ನೆಮ್ಮದಿ ಯೋಜನೆಯ ಭಾಗವಾಗಿ ಇದ್ದಕ್ಕಿದ್ದಂತೆ ಬದಲಾವಣೆ ಮಾಡಿದ ಕಾರಣ ಪರಿಣಾಮ ಬೀರಿದೆ ಎಂದು ತಿಳಿದುಬಂದಿದೆ.

ನಿರಂತರ ರದ್ದು, ವಿಳಂಬ ಮತ್ತು ಅಸಮಾಧಾನಕಾರಿಯಾಗಿ ದೇಶದಾದ್ಯಂತದ ಪ್ರಯಾಣಿಕರಲ್ಲಿ ಮಾತ್ರವಲ್ಲದೆ ಆಕ್ರೋಶಕ್ಕೆ ಇಂಡಿಗೋ ಆಡಳಿತ ಮುಂದಿನ ದಿನಗಳಲ್ಲಿ ಯಾವ ರೀತಿ ಸ್ಥಿತಿ ಪರಿಹಾರ ನೀಡಬೇಕಾಗಿದೆ ಎಂಬುದು ಈಗ ಪ್ರಮುಖ ಪ್ರಶ್ನೆಯಾಗಿದೆ.

ರಾಜಘಾಟನಲ್ಲಿ ಗೌರವ ನಮನ: ಗಾಂಧೀಜಿಯ ವಿಶ್ವಪ್ರಸ್ತುತಿಯನ್ನು ನೆನಪಿಸಿದ ಪುಟಿನ್

ಹೊಸದಿಲ್ಲಿ, ಡಿಸೆಂಬರ್ 5: ರಷ್ಯದ ಅಧ್ಯಕ್ಷ ವ್ಲಾದಿಮಿರ್ ಪುಟಿನ್ ಅವರು ದೆಹಲಿ ಭೇಟಿಯ ವೇಳೆ ರಾಜಘಾಟನಲ್ಲಿ ಮಹಾತ್ಮ ಗಾಂಧಿಯನ್ನು ಸ್ಮರಿಸಿ ಗೌರವ ಸಲ್ಲಿಸಿದರು. ಗಾಂಧೀಜಿಯ ಶಾಂತಿ-ಅಹಿಂಸೆಯ ತತ್ತ್ವಗಳಿಗೆ ಗೌರವ ಸೂಚಿಸಿ ಪುಟಿನ್ ಅವರು ಸ್ಮಾರಕದಲ್ಲಿ ಪುಷ್ಪಚಕ್ರ ಅರ್ಪಿಸಿ ಮೌನಾಚರಣೆ ಮಾಡಿದರು.

ಗೌರವ ಸಮರ್ಪಣೆಯ ನಂತರ, ಪುಟಿನ್ ಅವರು ಅಭಿಪ್ರಾಯವನ್ನು ನೋಂದಣಿಪುಸ್ತಕದಲ್ಲಿ ದಾಖಲಿಸಿದರು. ಗಾಂಧೀಜಿ ಮಾನವತೆಯ ಶಾಂತಿ ಮತ್ತು ಸ್ವಾತಂತ್ರ್ಯಕ್ಕೆ ನೀಡಿದ ಕೊಡುಗೆ ಶಾಶ್ವತ ಎಂದು ಬರೆದರು. ಜಗತ್ತಿನ ನಾಯಕತ್ವ ಮತ್ತು ನೈತಿಕ ತತ್ತ್ವಶಾಸ್ತ್ರದ ಮೇಲೆ ಗಾಂಧಿಯವರ ಪ್ರಭಾವವನ್ನು ಅವರು??

ಮಾತ್ಮ ಸಂದೇಶಗಳಿಂದ ಪುಟಿನ್ ಅವರು ಮಹಾತ್ಮ ಗಾಂಧೀಜಿಯನ್ನು ವಿಶ್ವದ ಅತ್ಯಂತ ಪ್ರಮುಖ ಶಿಲ್ಪಿಗಳಲ್ಲಿ ಒಬ್ಬರಾಗಿ, ಹಾಗೂ ಜಾಗತಿಕ ಮಟ್ಟದಲ್ಲಿ ಇಂದು ಕೂಡ ಪ್ರಸ್ತುತವಾಗಿರುವ ಆಲೋಚನೆಗಳನ್ನು ನೀಡಿದ ಮಹಾನ್ ಚಿಂತಕರಾಗಿ ವರ್ಣಿಸಿದರು. ಸ್ವಾತಂತ್ರ್ಯ, ಮಾನವೀಯತೆ ಮತ್ತು ಸೇವೆಯ ಬಗ್ಗೆ ಗಾಂಧೀಜಿಯ ದೃಷ್ಟಿಕೋಣ ಇಂದಿಗೂ ವಿಂಡಾಂತರಗಳ ಸಮಾಜಗಳಿಗೆ ಪ್ರೇರಣೆ ನೀಡುತ್ತಿವೆ ಎಂದು ಅವರು ಹೇಳಿದರು.

ಪುಟಿನ್ ಅವರು ಅಲ್ಲಿ ತೆಗೆದ ಚಿತ್ರಗಳನ್ನು, ರಷ್ಯದ ವಿದೇಶಾಂಗ ವ್ಯವಹಾರಗಳ ಹಿರಿಯ ಅಧಿಕಾರಿಗಳು ಹಂಚಿಕೊಂಡರು. ಗಾಂಧೀಜಿ ನ್ಯಾಯಯುತ ಹಾಗೂ ಅಹಿಂಸಾತ್ಮಕ ಹೋರಾಟದ ಮೂಲಕ ವಿಶ್ವಕ್ಕೆ ಮಾದರಿಯಾದರು ಎಂದು ಪುಟಿನ್ ಪತ್ರಿಕೆಯಲ್ಲಿ ಉಲ್ಲೇಖಿಸಿದರು. ಆ ಪತ್ರಗಳಲ್ಲಿ ವಿಶ್ವ ಶಾಂತಿ, ಸ್ವಾತಂತ್ರ್ಯ ಮತ್ತು ಮಾನವ ಹಕ್ಕುಗಳ ಬಗ್ಗೆ ಗಾಂಧೀಜಿ ನೀಡಿದ ಸಂದೇಶಗಳ ಬಗ್ಗೆ ಚರ್ಚಿಸಲಾಗಿದೆ. ಮೌಲ್ಯಗಳನ್ನು ಭಾರತ ಮತ್ತು ರಷ್ಯಾ ಮಾನವೀಯತೆಯ ಸಂದೇಶವನ್ನು ಹಂಚಿಕೊಳ್ಳುತ್ತವೆ.

ವೇದಿಕೆಯ ಮೇಲೆ ಉಳಿಸಲು ಭಾರತ ಮತ್ತು ರಷ್ಯಾ ಸದಾ ಒಂದಾಗಿ ಕಾರ್ಯನಿರ್ವಹಿಸುತ್ತಿವೆ ಎಂದು ಅವರು ಬರೆದರು.ಪುಟಿನ್ ಅವರ ರಾಜಘಾಟ ಭೇಟಿ, ಗಾಂಧೀಜಿಯ ಸ್ಮಾರಕದಲ್ಲಿ ವಿಶ್ವ ನಾಯಕರು ಶ್ರದ್ಧಾಂಜಲಿ ಸಲ್ಲಿಸುವ ಪರಂಪರೆಗೆ ಮತ್ತೊಂದು ಅಧ್ಯಾಯ ಸೇರಿಸಿದೆ. ಶಾಂತಿ, ಏಕತೆ ಮತ್ತು ರಾಷ್ಟ್ರಗಳ ನೈತಿಕ ಹೊಣೆಗಾರಿಕೆಯನ್ನು ಒತ್ತಿಹೇಳುವ ಗಾಂಧೀಜಿಯ ಬೋಧನೆಗಳು ಇಂದಿಗೂ ಜಾಗತಿಕವಾಗಿ ಪ್ರಸ್ತುತವಾಗಿವೆ ಎಂದು ಪುಟಿನ್ ಅಭಿಪ್ರಾಯಪಟ್ಟರು. ಇದಕ್ಕೂ ಮುಂಚೆ, ನ್ಯಾಯ, ಸತ್ಯ ಮತ್ತು ಅಹಿಂಸೆಯ ಮೌಲ್ಯಗಳನ್ನು ಗೌರವಿಸುವುದಾಗಿ ಹೇಳಿದರು.

ಪುಟಿನ್ ಅವರ ಪ್ರಕಾರ, ಶಾಂತಿ, ಸಮಾನತೆ ಮತ್ತು ಮನುಷ್ಯನ ಗೌರವ ಬಗ್ಗೆ ಗಾಂಧೀಜಿಯ ಮೌಲ್ಯಗಳು ಇಂದಿನ ಜಾಗತಿಕ ಪರಿಸ್ಥಿತಿಯಲ್ಲಿ ಹೆಚ್ಚು ಮಹತ್ವ ಪಡೆದಿವೆ. ಭಾರತ ಮತ್ತು ರಷ್ಯಾ ನಡುವಿನ ಬಾಂಧವ್ಯ ಗಾಂಧೀಜಿಯ ತತ್ವಗಳಿಂದಲೂ ಬಲಗೊಂಡಿದೆ ಎಂದು ಅವರು ಪ್ರಸ್ತಾಪಿಸಿದರು.

ಇಂಡಿಗೋ ಸಂಕಷ್ಟಕ್ಕೆ ಮೋದಿ ಸರ್ಕಾರದ
ಏಕಸ್ವಾಮ್ಯ ನೀತಿಯೇ ಕಾರಣ: ರಾಹುಲ್ ಗಾಂಧಿ

ಹೊಸದಿಲ್ಲಿ, 5- ಇಂಡಿಗೋ ವಿಮಾನಗಳ ಭಾರೀ ರದ್ದತಿ ಮತ್ತು ವಿಳಂಬ ಹಿನ್ನೆಲೆಯಲ್ಲಿ, ಈ ಅಸ್ತವ್ಯಸ್ತ ಪರಿಸ್ಥಿತಿಗೆ ಮೋದಿ ಸರ್ಕಾರ ಅನುಸರಿಸುತ್ತಿರುವ ಏಕಸ್ವಾಮ್ಯ ಮಾದರಿಯೇ ಮೂಲ ಕಾರಣ ಎಂದು ಕಾಂಗ್ರೆಸ್ ನಾಯಕ ರಾಹುಲ್ ಗಾಂಧಿ ಆರೋಪಿಸಿದ್ದಾರೆ.

ಸಾಮಾಜಿಕ ಜಾಲತಾಣ ಎಕ್ಸ್‌ನಲ್ಲಿ ತಮ್ಮ ಅಭಿಪ್ರಾಯ ಹಂಚಿಕೊಂಡ ಅವರು, ಭಾರತವು ಮ್ಯಾಚ್ ಫಿಕ್ಸಿಂಗ್ ಏಕಸ್ವಾಮ್ಯಗಳ ದೇಶವಲ್ಲ; ಪ್ರತಿಯೊಂದು ವಲಯದಲ್ಲೂ ನ್ಯಾಯಸಮ್ಮತ ಸ್ಪರ್ಧೆಗೆ ಭಾರತ ಅರ್ಹವಾಗಿದೆ ಎಂದು ತಿಳಿಸಿದ್ದಾರೆ.

ಗುರುವಾರ ಇಂಡಿಗೋ 550 ಕ್ಕೂ ಹೆಚ್ಚು ಮತ್ತು ಶುಕ್ರವಾರ 400 ವಿಮಾನಗಳನ್ನು ರದ್ದುಪಡಿಸಿದ ಪರಿಣಾಮ ಸಾವಿರಾರು ಪ್ರಯಾಣಿಕರ ಯೋಜನೆಗಳು ಹಾಳಾಗಿವೆ. ಇದರಿಂದ ಜನರಿಗೆ ಉಂಟಾದ ತೊಂದರೆಗಳನ್ನು ಉಲ್ಲೇಖಿಸಿದ ರಾಹುಲ್ ಗಾಂಧಿ, ವಿಳಂಬ, ರದ್ದತಿ ಮತ್ತು ಅಸಹಾಯಕತೆಯಿಂದ ಮತ್ತೆ ಸಾಮಾನ್ಯ ಭಾರತೀಯರೇ ಬೆಲೆ ತೆರಬೇಕಾದ ಸ್ಥಿತಿ ನಿರ್ಮಾಣವಾಗಿದೆ ಎಂದು ಸರ್ಕಾರದ ನೀತಿಯನ್ನು ಕಟುವಾಗಿ ಟೀಕಿಸಿದ್ದಾರೆ.

***************************
CMYK	CMYK
